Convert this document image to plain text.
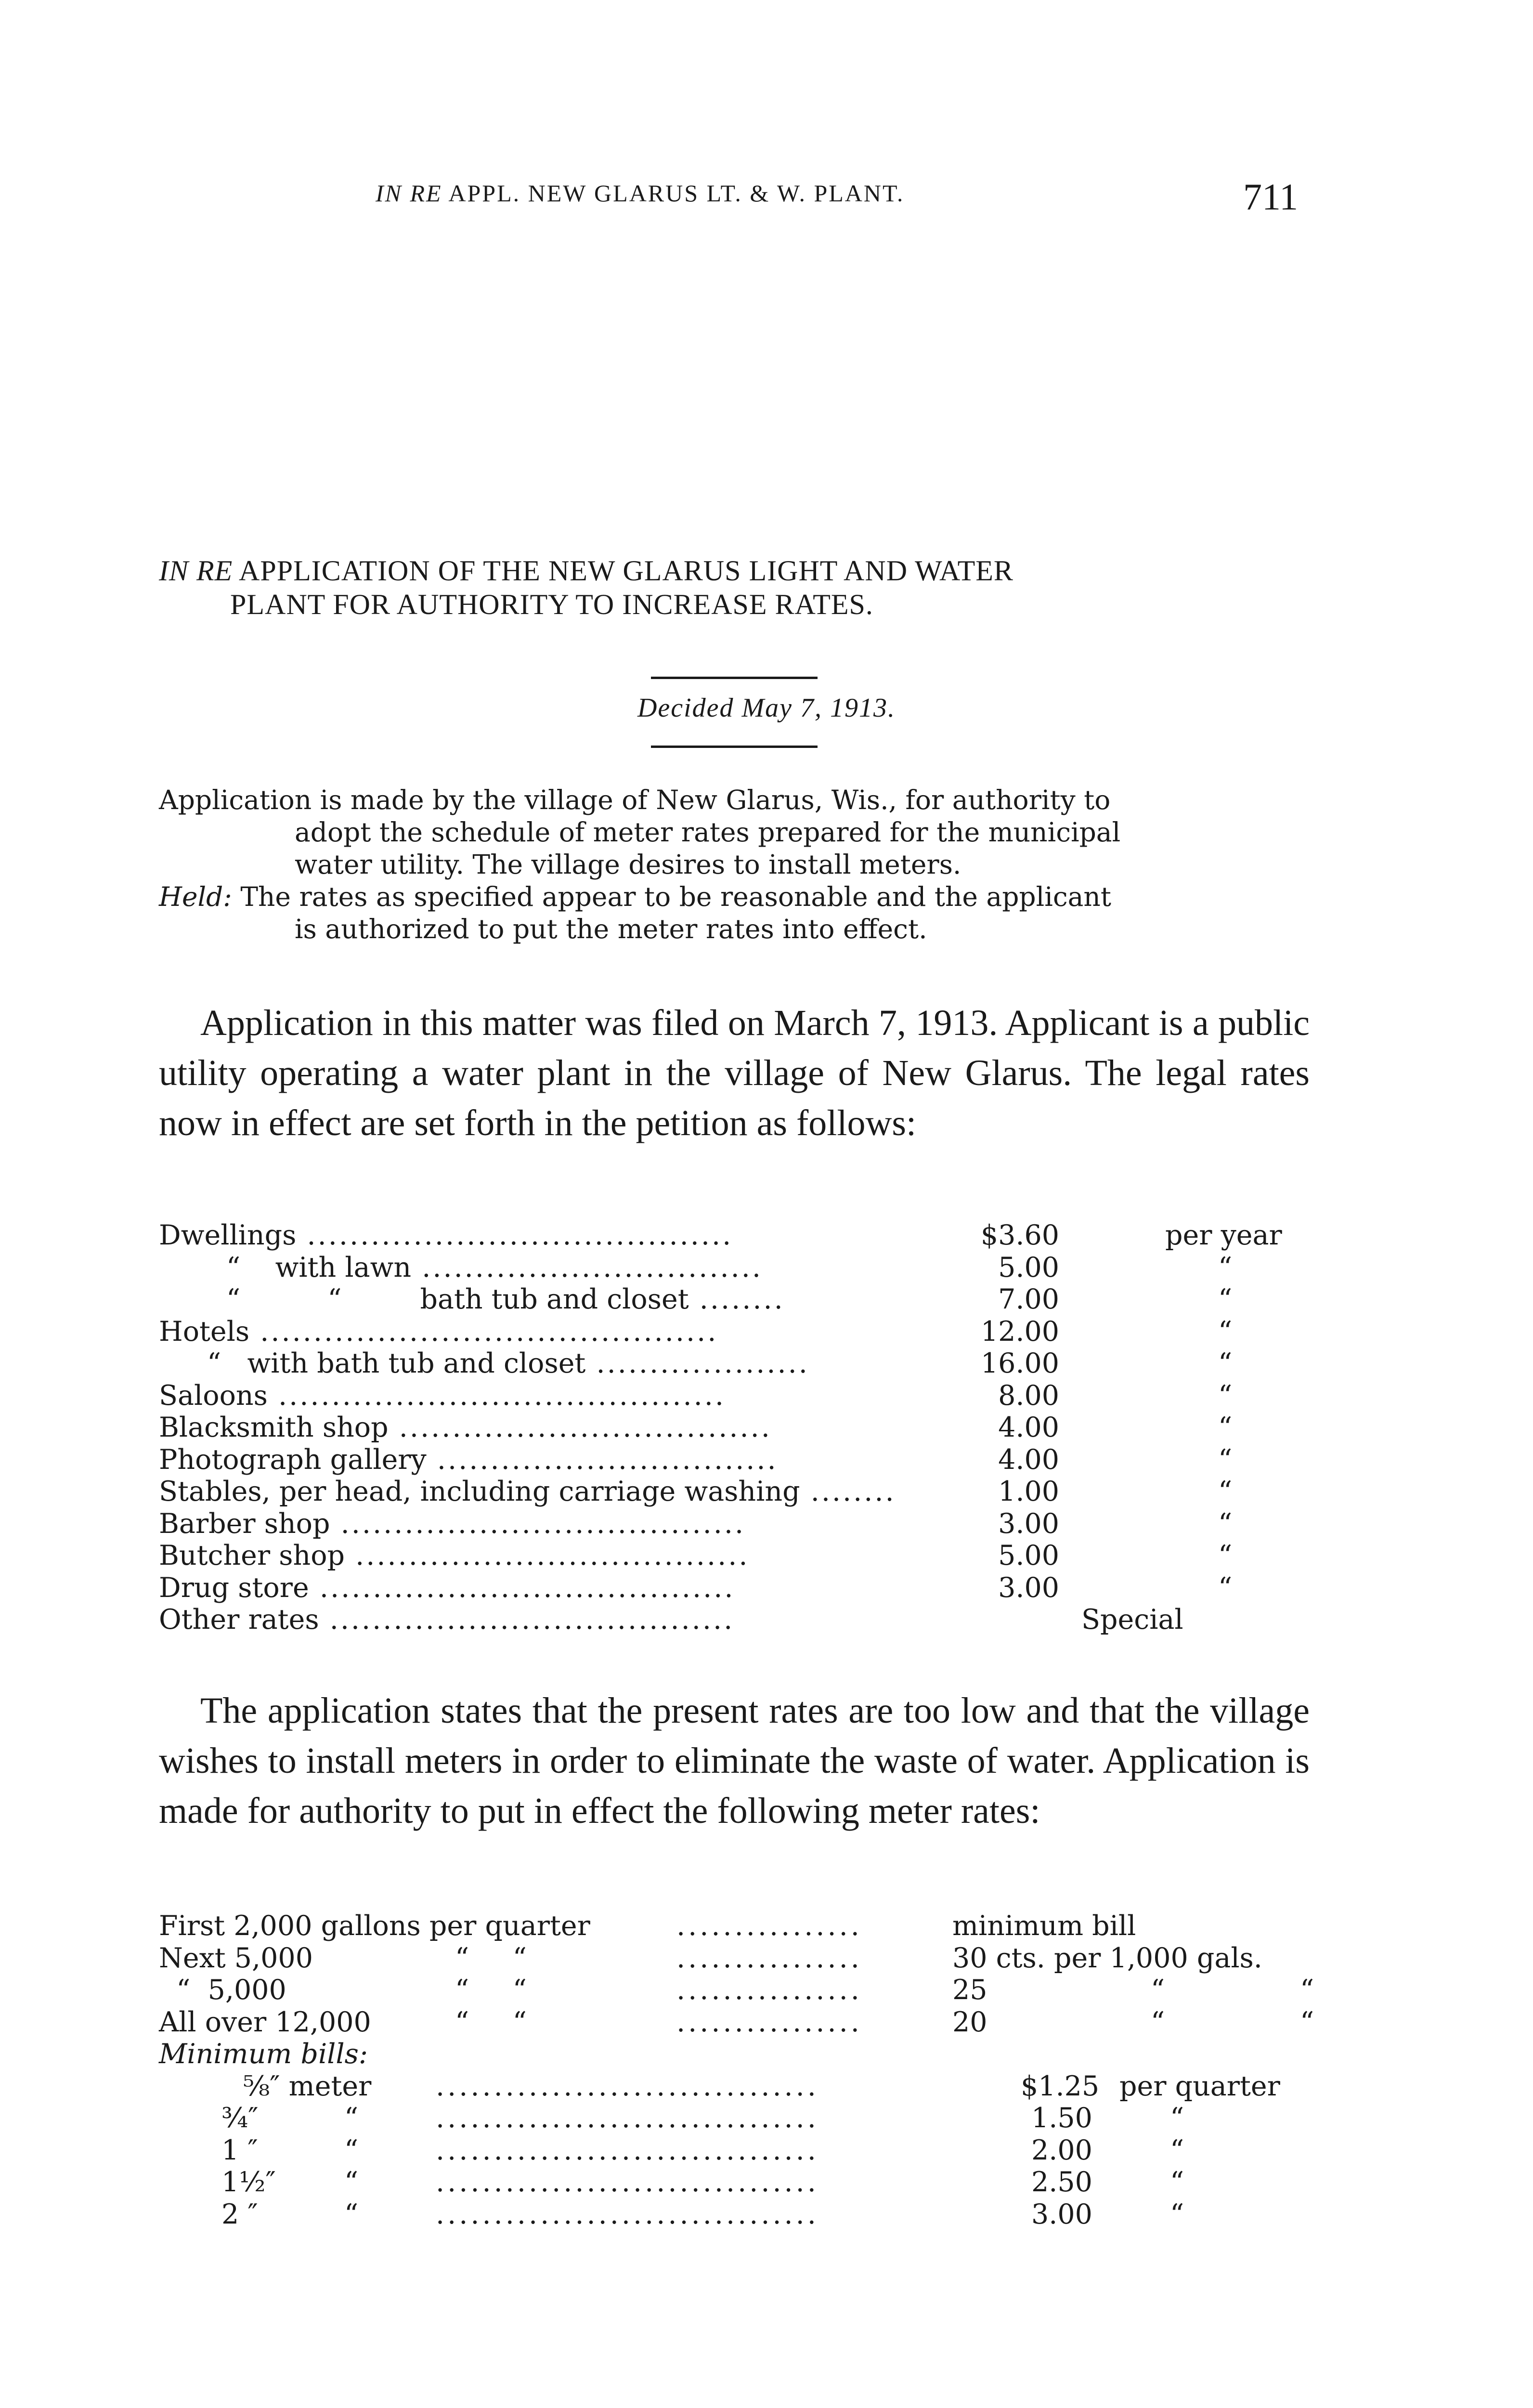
IN RE APPL. NEW GLARUS LT. & W. PLANT.	711
IN RE APPLICATION OF THE NEW GLARUS LIGHT AND WATER
PLANT FOR AUTHORITY TO INCREASE RATES.
Decided May 7, 1913.
Application is made by the village of New Glarus, Wis., for authority to
adopt the schedule of meter rates prepared for the municipal
water utility. The village desires to install meters.
Held: The rates as specified appear to be reasonable and the applicant
is authorized to put the meter rates into effect.
Application in this matter was filed on March 7, 1913. Applicant is a public utility operating a water plant in the village of New Glarus. The legal rates now in effect are set forth in the petition as follows:
Dwellings ........................................	$3.60	per year
“    with lawn ................................	5.00	“
“          “         bath tub and closet ........	7.00	“
Hotels ...........................................	12.00	“
“   with bath tub and closet ....................	16.00	“
Saloons ..........................................	8.00	“
Blacksmith shop ...................................	4.00	“
Photograph gallery ................................	4.00	“
Stables, per head, including carriage washing ........	1.00	“
Barber shop ......................................	3.00	“
Butcher shop .....................................	5.00	“
Drug store .......................................	3.00	“
Other rates ......................................	Special
The application states that the present rates are too low and that the village wishes to install meters in order to eliminate the waste of water. Application is made for authority to put in effect the following meter rates:
First 2,000 gallons per quarter	................	minimum bill
Next 5,000	“     “	................	30 cts. per 1,000 gals.
“  5,000	“     “	................	25	“	“
All over 12,000	“     “	................	20	“	“
Minimum bills:
⅝″ meter .................................	$1.25 per quarter
¾″	“	.................................	1.50	“
1 ″	“	.................................	2.00	“
1½″ “	.................................	2.50	“
2 ″	“	.................................	3.00	“
